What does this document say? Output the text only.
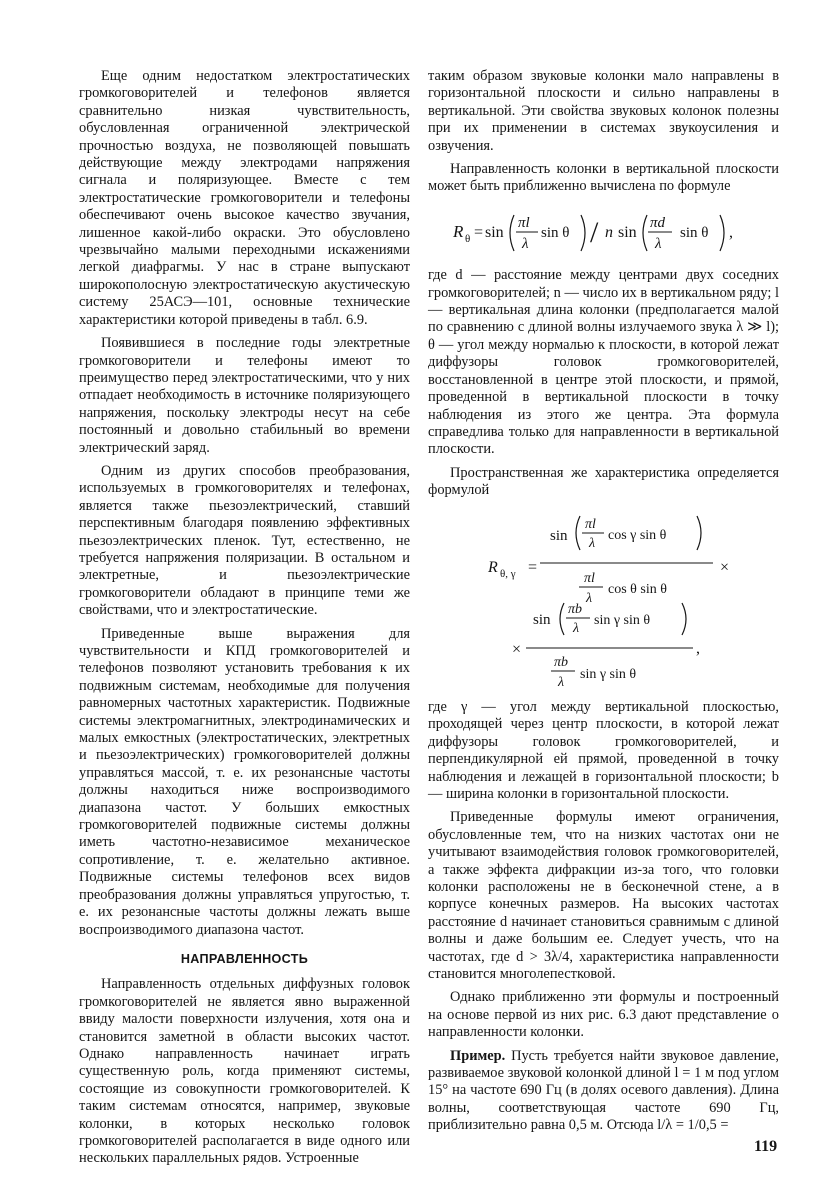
Еще одним недостатком электростатических громкоговорителей и телефонов является сравнительно низкая чувствительность, обусловленная ограниченной электрической прочностью воздуха, не позволяющей повышать действующие между электродами напряжения сигнала и поляризующее. Вместе с тем электростатические громкоговорители и телефоны обеспечивают очень высокое качество звучания, лишенное какой-либо окраски. Это обусловлено чрезвычайно малыми переходными искажениями легкой диафрагмы. У нас в стране выпускают широкополосную электростатическую акустическую систему 25АСЭ—101, основные технические характеристики которой приведены в табл. 6.9.

Появившиеся в последние годы электретные громкоговорители и телефоны имеют то преимущество перед электростатическими, что у них отпадает необходимость в источнике поляризующего напряжения, поскольку электроды несут на себе постоянный и довольно стабильный во времени электрический заряд.

Одним из других способов преобразования, используемых в громкоговорителях и телефонах, является также пьезоэлектрический, ставший перспективным благодаря появлению эффективных пьезоэлектрических пленок. Тут, естественно, не требуется напряжения поляризации. В остальном и электретные, и пьезоэлектрические громкоговорители обладают в принципе теми же свойствами, что и электростатические.

Приведенные выше выражения для чувствительности и КПД громкоговорителей и телефонов позволяют установить требования к их подвижным системам, необходимые для получения равномерных частотных характеристик. Подвижные системы электромагнитных, электродинамических и малых емкостных (электростатических, электретных и пьезоэлектрических) громкоговорителей должны управляться массой, т. е. их резонансные частоты должны находиться ниже воспроизводимого диапазона частот. У больших емкостных громкоговорителей подвижные системы должны иметь частотно-независимое механическое сопротивление, т. е. желательно активное. Подвижные системы телефонов всех видов преобразования должны управляться упругостью, т. е. их резонансные частоты должны лежать выше воспроизводимого диапазона частот.

НАПРАВЛЕННОСТЬ

Направленность отдельных диффузных головок громкоговорителей не является явно выраженной ввиду малости поверхности излучения, хотя она и становится заметной в области высоких частот. Однако направленность начинает играть существенную роль, когда применяют системы, состоящие из совокупности громкоговорителей. К таким системам относятся, например, звуковые колонки, в которых несколько головок громкоговорителей располагается в виде одного или нескольких параллельных рядов. Устроенные

таким образом звуковые колонки мало направлены в горизонтальной плоскости и сильно направлены в вертикальной. Эти свойства звуковых колонок полезны при их применении в системах звукоусиления и озвучения.

Направленность колонки в вертикальной плоскости может быть приближенно вычислена по формуле

R θ = sin
πl
λ
sin θ / n sin
πd
λ
sin θ ,

где d — расстояние между центрами двух соседних громкоговорителей; n — число их в вертикальном ряду; l — вертикальная длина колонки (предполагается малой по сравнению с длиной волны излучаемого звука λ ≫ l); θ — угол между нормалью к плоскости, в которой лежат диффузоры головок громкоговорителей, восстановленной в центре этой плоскости, и прямой, проведенной в вертикальной плоскости в точку наблюдения из этого же центра. Эта формула справедлива только для направленности в вертикальной плоскости.

Пространственная же характеристика определяется формулой

R θ, γ =
sin
πl
λ
cos γ sin θ
πl
λ
cos θ sin θ
×
×
sin
πb
λ
sin γ sin θ
πb
λ
sin γ sin θ
,

где γ — угол между вертикальной плоскостью, проходящей через центр плоскости, в которой лежат диффузоры головок громкоговорителей, и перпендикулярной ей прямой, проведенной в точку наблюдения и лежащей в горизонтальной плоскости; b — ширина колонки в горизонтальной плоскости.

Приведенные формулы имеют ограничения, обусловленные тем, что на низких частотах они не учитывают взаимодействия головок громкоговорителей, а также эффекта дифракции из-за того, что головки колонки расположены не в бесконечной стене, а в корпусе конечных размеров. На высоких частотах расстояние d начинает становиться сравнимым с длиной волны и даже большим ее. Следует учесть, что на частотах, где d > 3λ/4, характеристика направленности становится многолепестковой.

Однако приближенно эти формулы и построенный на основе первой из них рис. 6.3 дают представление о направленности колонки.

Пример. Пусть требуется найти звуковое давление, развиваемое звуковой колонкой длиной l = 1 м под углом 15° на частоте 690 Гц (в долях осевого давления). Длина волны, соответствующая частоте 690 Гц, приблизительно равна 0,5 м. Отсюда l/λ = 1/0,5 =

119
